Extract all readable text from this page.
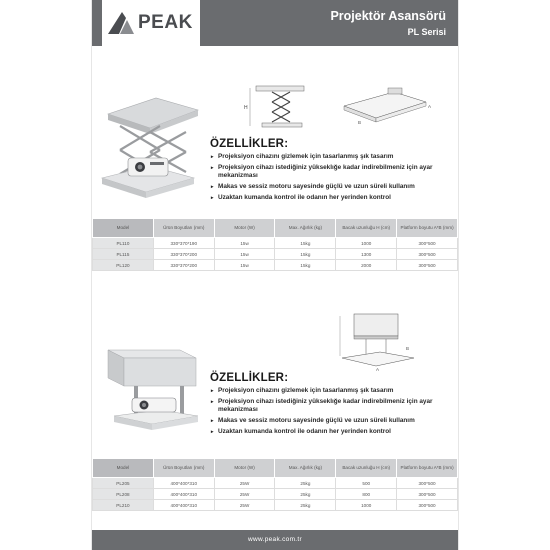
PEAK	Projektör Asansörü
PL Serisi
H	A
B
ÖZELLİKLER:
► Projeksiyon cihazını gizlemek için tasarlanmış şık tasarım
► Projeksiyon cihazı istediğiniz yükseklığe kadar indirebilmeniz için ayar mekanizması
► Makas ve sessiz motoru sayesinde güçlü ve uzun süreli kullanım
► Uzaktan kumanda kontrol ile odanın her yerinden kontrol
Model	Ürün Boyutları (mm)	Motor (W)	Max. Ağırlık (kg)	Bacak uzunluğu H (cm)	Platform boyutu A*B (mm)
PL110	330*370*190	15w	15kg	1000	300*500
PL115	330*370*200	15w	15kg	1300	300*500
PL120	330*370*200	15w	15kg	2000	300*500
B
A
ÖZELLİKLER:
► Projeksiyon cihazını gizlemek için tasarlanmış şık tasarım
► Projeksiyon cihazı istediğiniz yükseklığe kadar indirebilmeniz için ayar mekanizması
► Makas ve sessiz motoru sayesinde güçlü ve uzun süreli kullanım
► Uzaktan kumanda kontrol ile odanın her yerinden kontrol
Model	Ürün Boyutları (mm)	Motor (W)	Max. Ağırlık (kg)	Bacak uzunluğu H (cm)	Platform boyutu A*B (mm)
PL205	400*400*310	25W	25kg	500	300*500
PL208	400*400*310	25W	25kg	800	300*500
PL210	400*400*310	25W	25kg	1000	300*500
www.peak.com.tr
